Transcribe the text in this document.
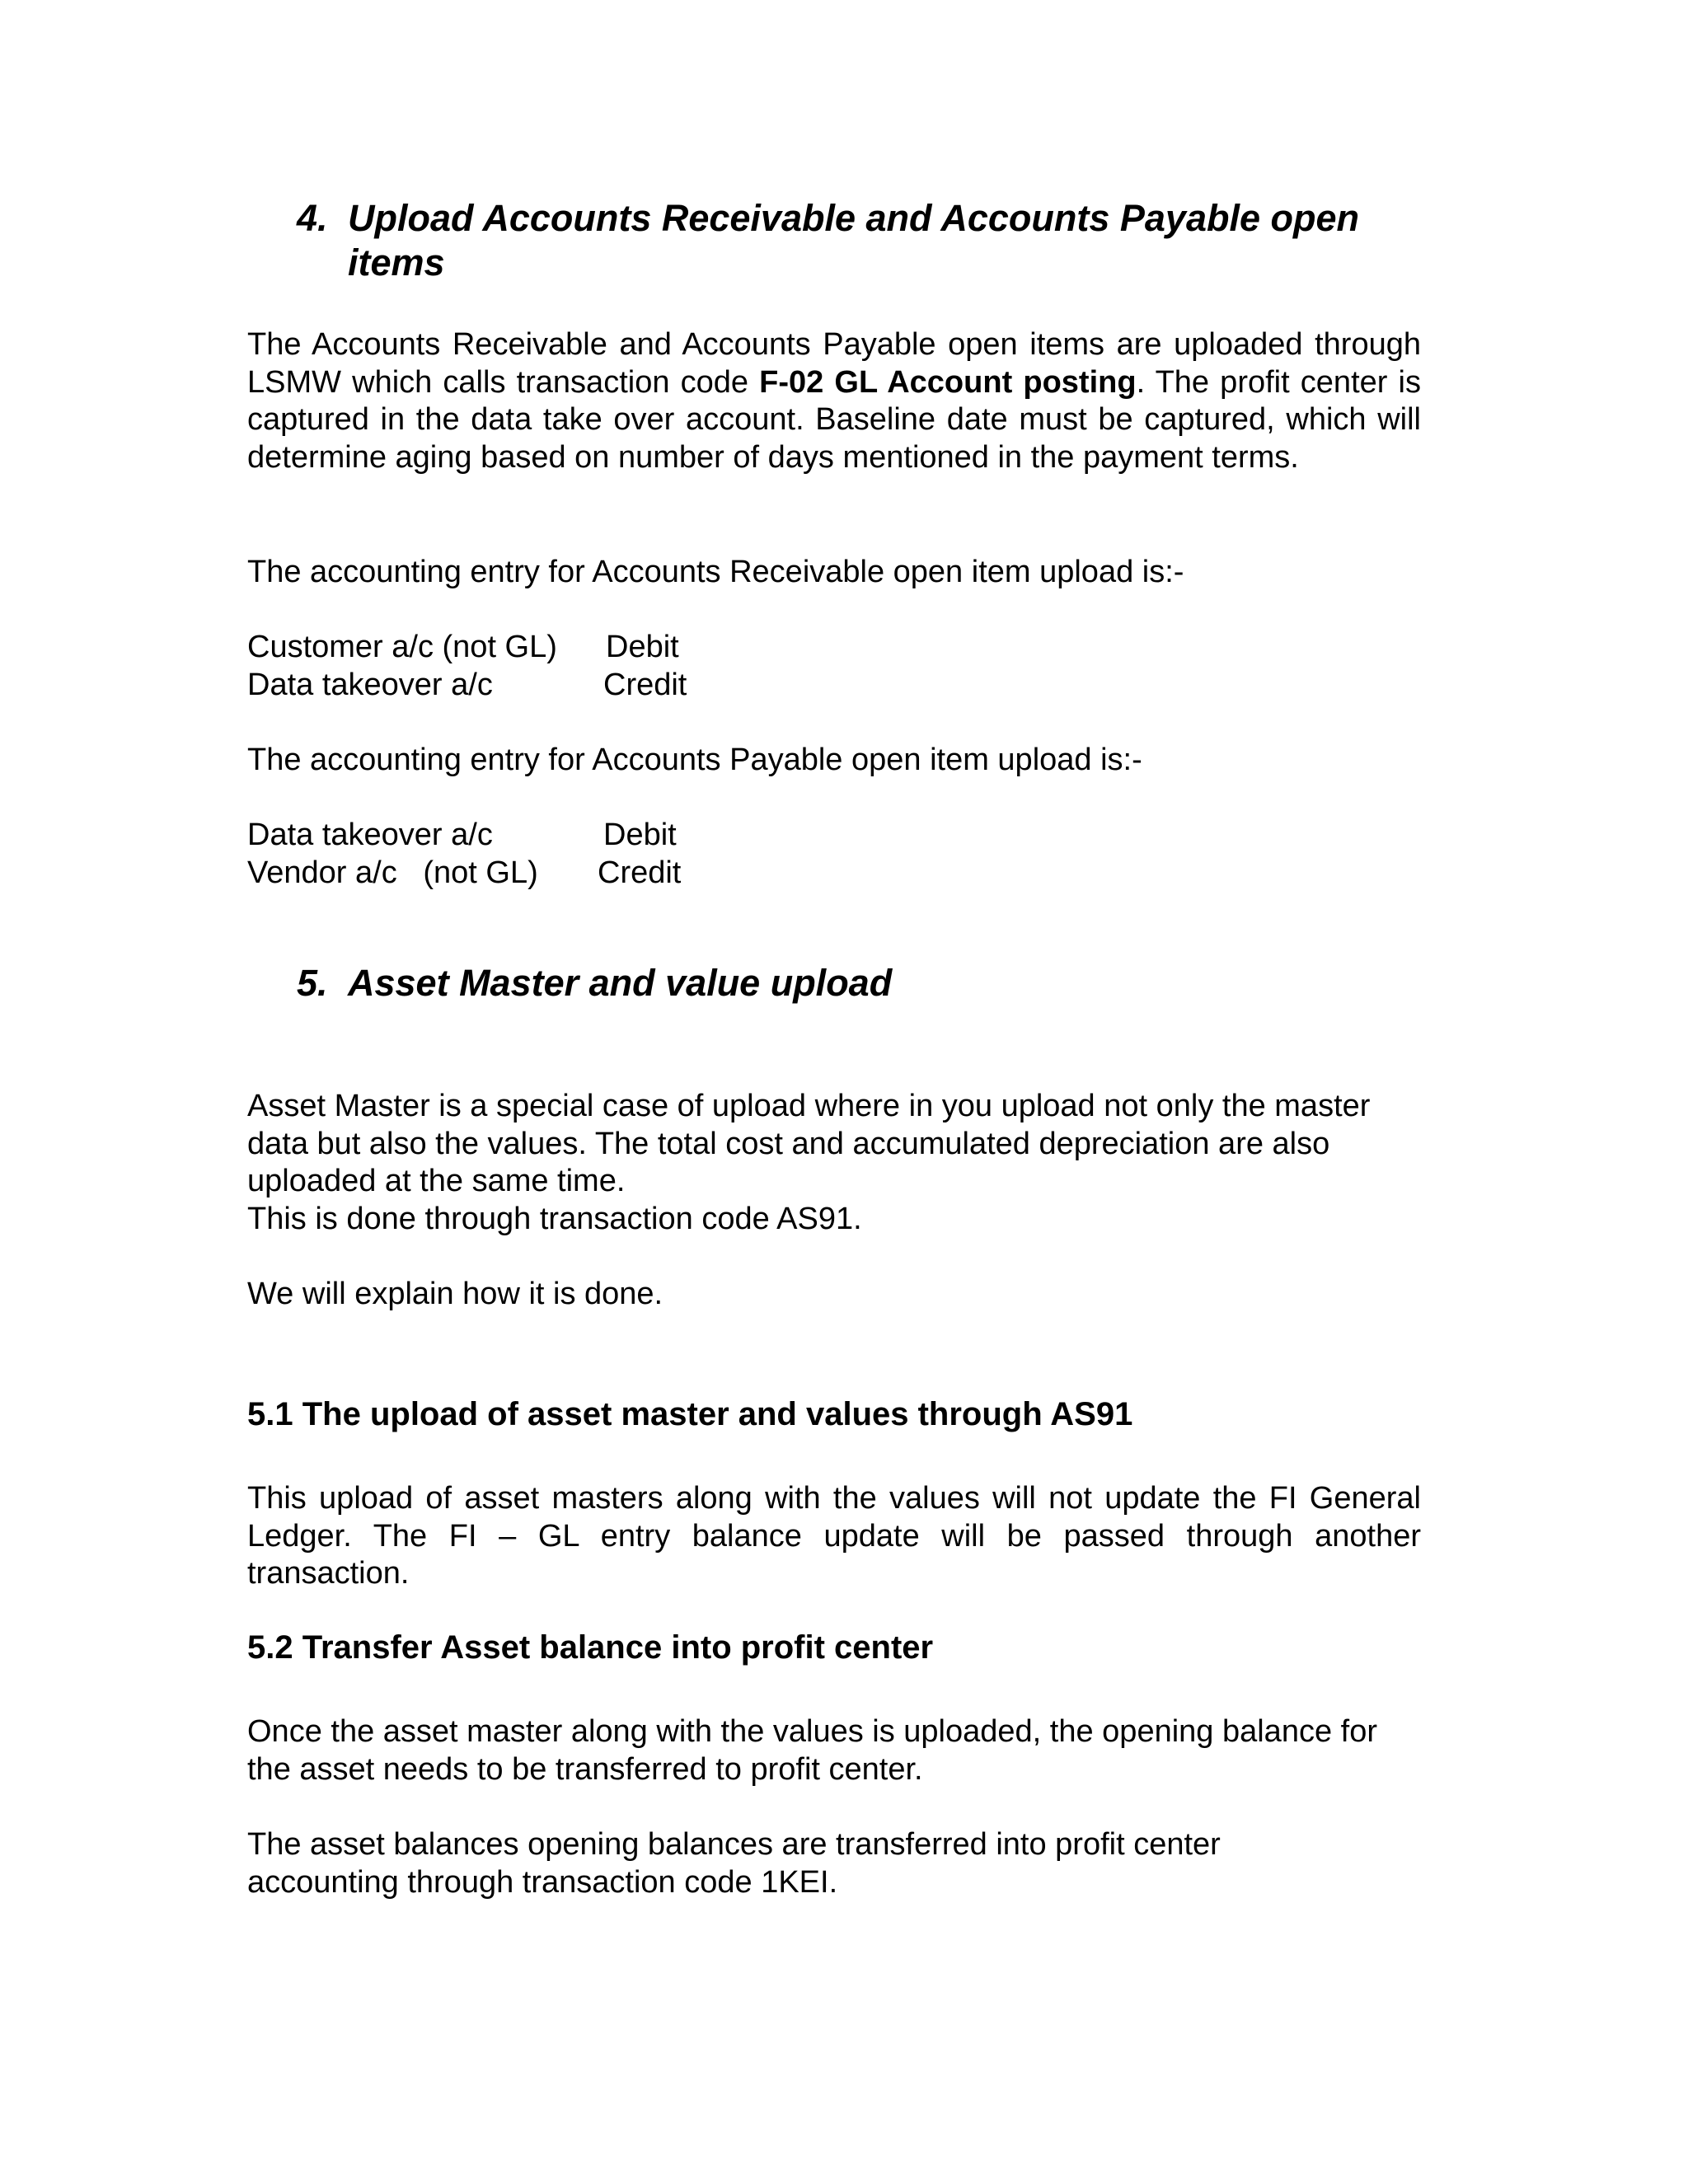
4. Upload Accounts Receivable and Accounts Payable open
items

The Accounts Receivable and Accounts Payable open items are uploaded through LSMW which calls transaction code F-02 GL Account posting. The profit center is captured in the data take over account. Baseline date must be captured, which will determine aging based on number of days mentioned in the payment terms.

The accounting entry for Accounts Receivable open item upload is:-

Customer a/c (not GL) Debit
Data takeover a/c	Credit

The accounting entry for Accounts Payable open item upload is:-

Data takeover a/c	Debit
Vendor a/c   (not GL) Credit
5. Asset Master and value upload

Asset Master is a special case of upload where in you upload not only the master data but also the values. The total cost and accumulated depreciation are also uploaded at the same time.
This is done through transaction code AS91.

We will explain how it is done.

5.1 The upload of asset master and values through AS91

This upload of asset masters along with the values will not update the FI General Ledger. The FI – GL entry balance update will be passed through another transaction.

5.2 Transfer Asset balance into profit center

Once the asset master along with the values is uploaded, the opening balance for the asset needs to be transferred to profit center.

The asset balances opening balances are transferred into profit center accounting through transaction code 1KEI.
